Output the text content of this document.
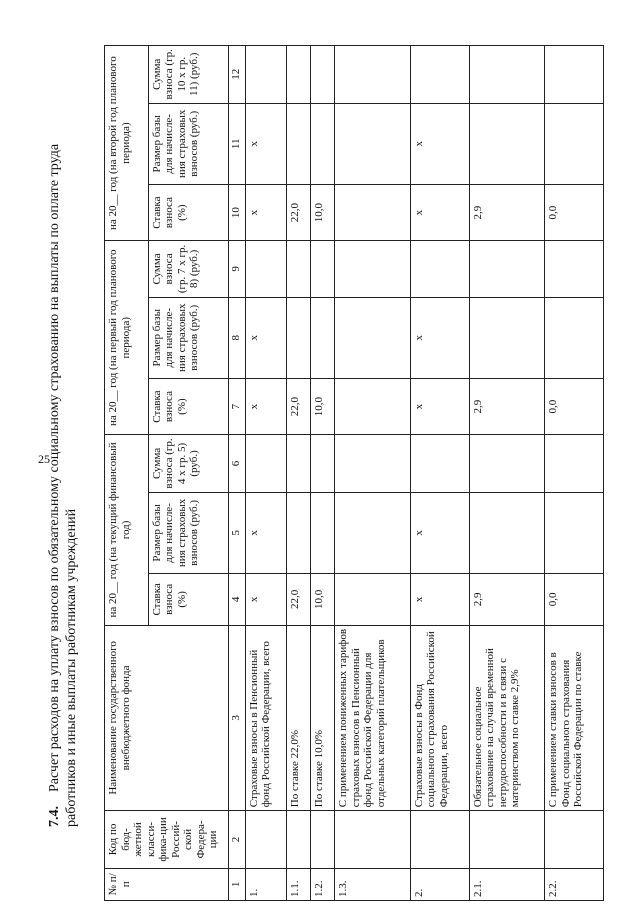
25
7.4.Расчет расходов на уплату взносов по обязательному социальному страхованию на выплаты по оплате труда работников и иные выплаты работникам учреждений
№ п/п	Код по бюд-жетной класси-фика-ции Россий-ской Федера-ции	Наименование государственного внебюджетного фонда	на 20__ год (на текущий финансовый год)			на 20__ год (на первый год планового периода)			на 20__ год (на второй год планового периода)		
			Ставка взноса (%)	Размер базы для начисле-ния страховых взносов (руб.)	Сумма взноса (гр. 4 х гр. 5) (руб.)	Ставка взноса (%)	Размер базы для начисле-ния страховых взносов (руб.)	Сумма взноса (гр. 7 х гр. 8) (руб.)	Ставка взноса (%)	Размер базы для начисле-ния страховых взносов (руб.)	Сумма взноса (гр. 10 х гр. 11) (руб.)
1	2	3	4	5	6	7	8	9	10	11	12
1.		Страховые взносы в Пенсионный фонд Российской Федерации, всего	х	х		х	х		х	х	
1.1.		По ставке 22,0%	22,0			22,0			22,0		
1.2.		По ставке 10,0%	10,0			10,0			10,0		
1.3.		С применением пониженных тарифов страховых взносов в Пенсионный фонд Российской Федерации для отдельных категорий плательщиков									
2.		Страховые взносы в Фонд социального страхования Российской Федерации, всего	х	х		х	х		х	х	
2.1.		Обязательное социальное страхование на случай временной нетрудоспособности и в связи с материнством по ставке 2,9%	2,9			2,9			2,9		
2.2.		С применением ставки взносов в Фонд социального страхования Российской Федерации по ставке	0,0			0,0			0,0		
